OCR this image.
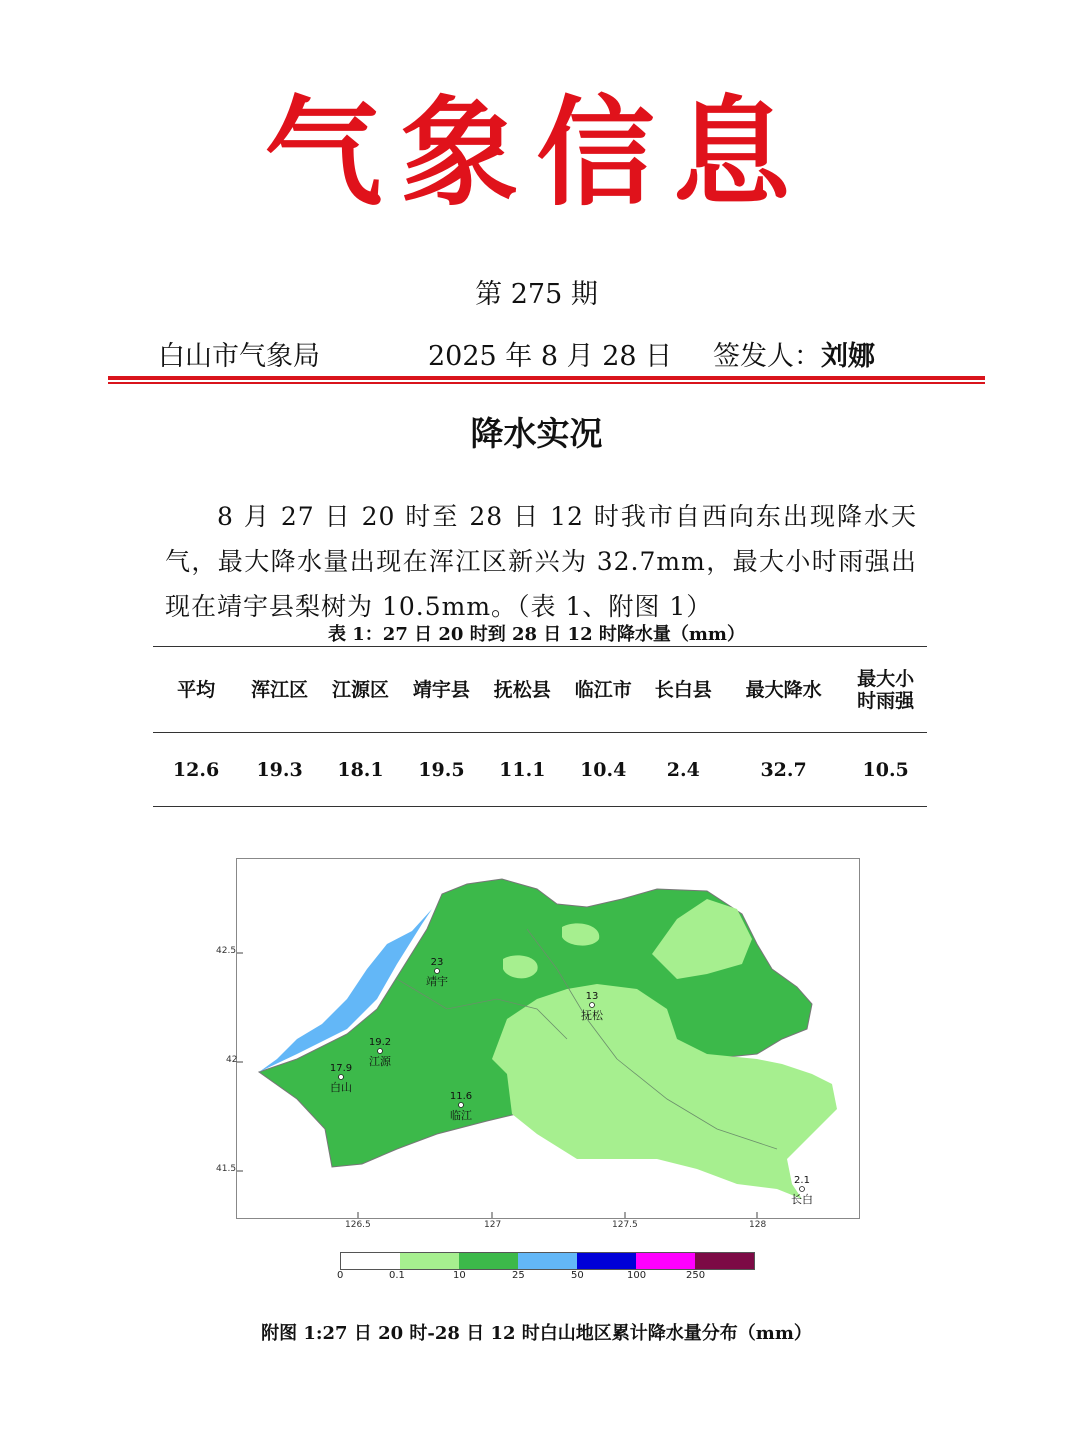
气象信息
第 275 期
白山市气象局	2025 年 8 月 28 日 签发人：刘娜
降水实况
8 月 27 日 20 时至 28 日 12 时我市自西向东出现降水天气，最大降水量出现在浑江区新兴为 32.7mm，最大小时雨强出现在靖宇县梨树为 10.5mm。（表 1、附图 1）
表 1：27 日 20 时到 28 日 12 时降水量（mm）
平均	浑江区	江源区	靖宇县	抚松县	临江市	长白县	最大降水	最大小时雨强
12.6	19.3	18.1	19.5	11.1	10.4	2.4	32.7	10.5
23
靖宇
13
抚松
19.2
江源
17.9
白山
11.6
临江
2.1
长白
42.5
42
41.5
126.5	127	127.5	128
0	0.1	10	25	50	100	250
附图 1:27 日 20 时-28 日 12 时白山地区累计降水量分布（mm）
